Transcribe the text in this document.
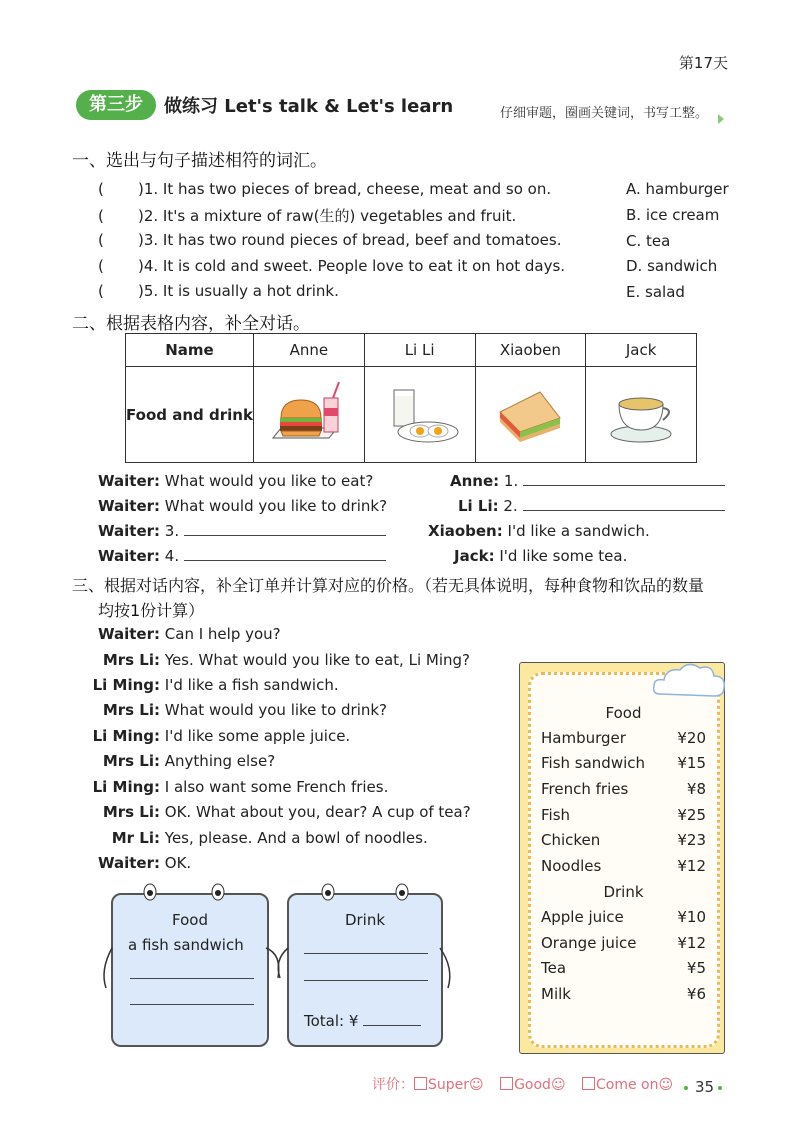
第17天
第三步	做练习 Let's talk & Let's learn	仔细审题，圈画关键词，书写工整。
一、选出与句子描述相符的词汇。
( )1. It has two pieces of bread, cheese, meat and so on.
( )2. It's a mixture of raw(生的) vegetables and fruit.
( )3. It has two round pieces of bread, beef and tomatoes.
( )4. It is cold and sweet. People love to eat it on hot days.
( )5. It is usually a hot drink.
A. hamburger
B. ice cream
C. tea
D. sandwich
E. salad
二、根据表格内容，补全对话。
Name	Anne	Li Li	Xiaoben	Jack
Food and drink				
Waiter: What would you like to eat?	Anne: 1.
Waiter: What would you like to drink?	Li Li: 2.
Waiter: 3.	Xiaoben: I'd like a sandwich.
Waiter: 4.	Jack: I'd like some tea.
三、根据对话内容，补全订单并计算对应的价格。（若无具体说明，每种食物和饮品的数量
均按1份计算）
Waiter: Can I help you?
Mrs Li: Yes. What would you like to eat, Li Ming?
Li Ming: I'd like a fish sandwich.
Mrs Li: What would you like to drink?
Li Ming: I'd like some apple juice.
Mrs Li: Anything else?
Li Ming: I also want some French fries.
Mrs Li: OK. What about you, dear? A cup of tea?
Mr Li: Yes, please. And a bowl of noodles.
Waiter: OK.
Food
Hamburger	¥20
Fish sandwich ¥15
French fries	¥8
Fish	¥25
Chicken	¥23
Noodles	¥12
Drink
Apple juice	¥10
Orange juice	¥12
Tea	¥5
Milk	¥6
Food
a fish sandwich
Drink
Total: ¥
评价： Super☺ Good☺ Come on☺ 35
